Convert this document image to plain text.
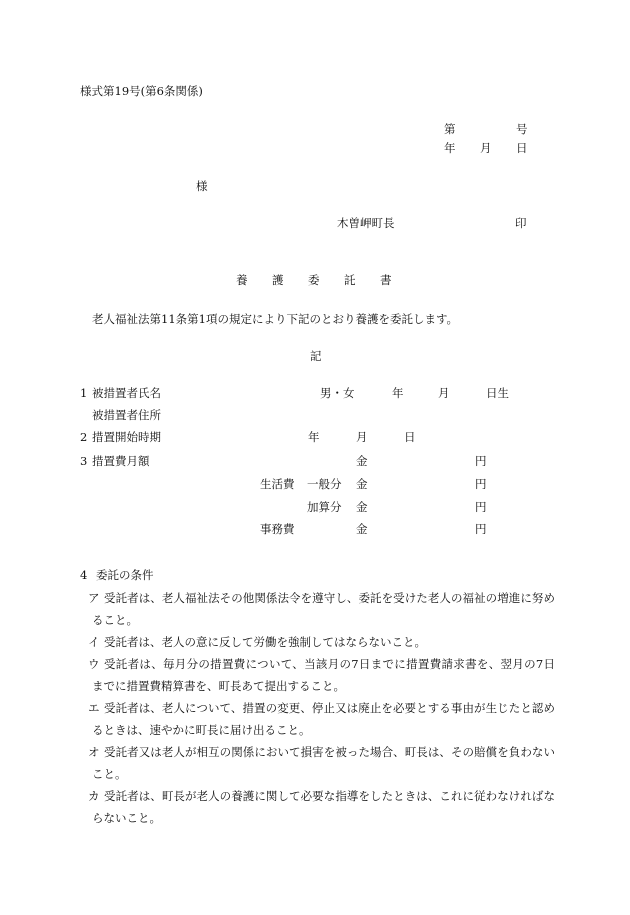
様式第19号(第6条関係)
第	号
年 月 日
様
木曽岬町長	印
養 護 委 託 書
老人福祉法第11条第1項の規定により下記のとおり養護を委託します。
記
1 被措置者氏名	男・女	年	月	日生
被措置者住所
2 措置開始時期	年	月	日
3 措置費月額	金	円
生活費 一般分 金	円
加算分 金	円
事務費	金	円
4 委託の条件
ア 受託者は、老人福祉法その他関係法令を遵守し、委託を受けた老人の福祉の増進に努めること。
イ 受託者は、老人の意に反して労働を強制してはならないこと。
ウ 受託者は、毎月分の措置費について、当該月の7日までに措置費請求書を、翌月の7日までに措置費精算書を、町長あて提出すること。
エ 受託者は、老人について、措置の変更、停止又は廃止を必要とする事由が生じたと認めるときは、速やかに町長に届け出ること。
オ 受託者又は老人が相互の関係において損害を被った場合、町長は、その賠償を負わないこと。
カ 受託者は、町長が老人の養護に関して必要な指導をしたときは、これに従わなければならないこと。
